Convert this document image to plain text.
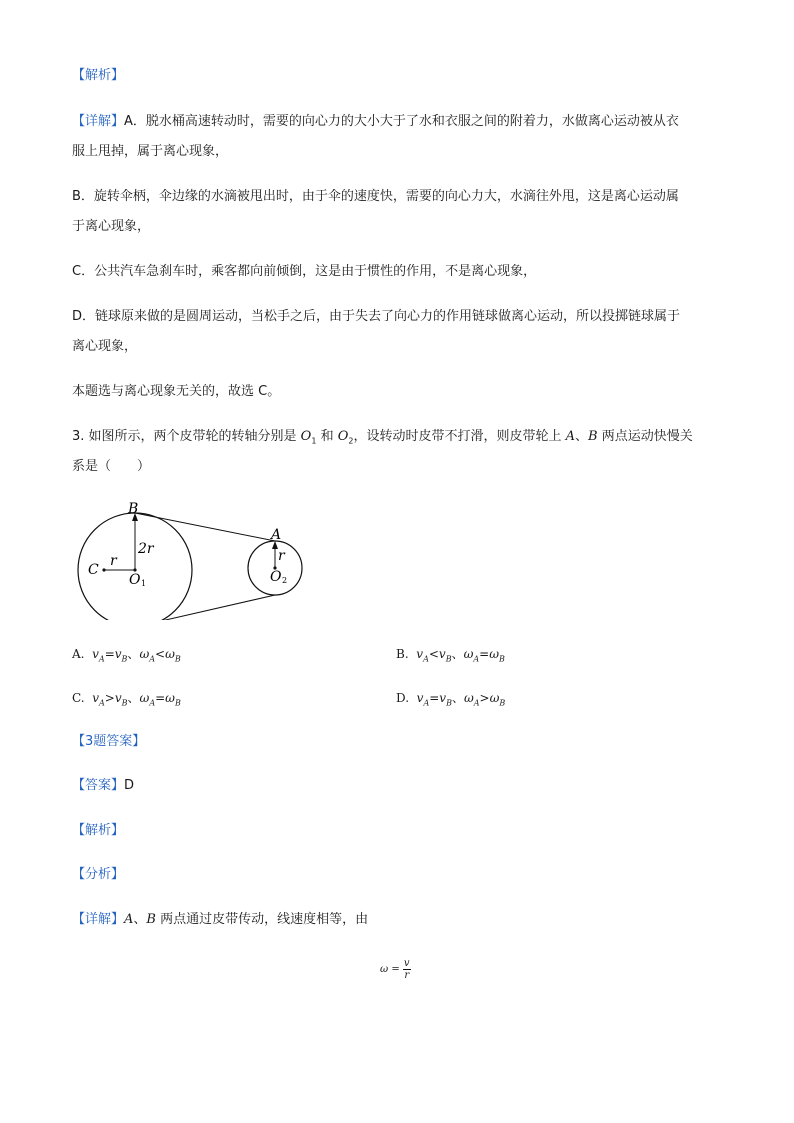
【解析】
【详解】A．脱水桶高速转动时，需要的向心力的大小大于了水和衣服之间的附着力，水做离心运动被从衣
服上甩掉，属于离心现象，
B．旋转伞柄，伞边缘的水滴被甩出时，由于伞的速度快，需要的向心力大，水滴往外甩，这是离心运动属
于离心现象，
C．公共汽车急刹车时，乘客都向前倾倒，这是由于惯性的作用，不是离心现象，
D．链球原来做的是圆周运动，当松手之后，由于失去了向心力的作用链球做离心运动，所以投掷链球属于
离心现象，
本题选与离心现象无关的，故选 C。
3. 如图所示，两个皮带轮的转轴分别是 $O_1$ 和 $O_2$，设转动时皮带不打滑，则皮带轮上 A、B 两点运动快慢关
系是（　　）
B
A
C
r
2r
O 1
r
O 2
A. $v_A=v_B$、$\omega_A<\omega_B$	B. $v_A<v_B$、$\omega_A=\omega_B$
C. $v_A>v_B$、$\omega_A=\omega_B$	D. $v_A=v_B$、$\omega_A>\omega_B$
【3题答案】
【答案】D
【解析】
【分析】
【详解】A、B 两点通过皮带传动，线速度相等，由
$\omega = \frac{v}{r}$
